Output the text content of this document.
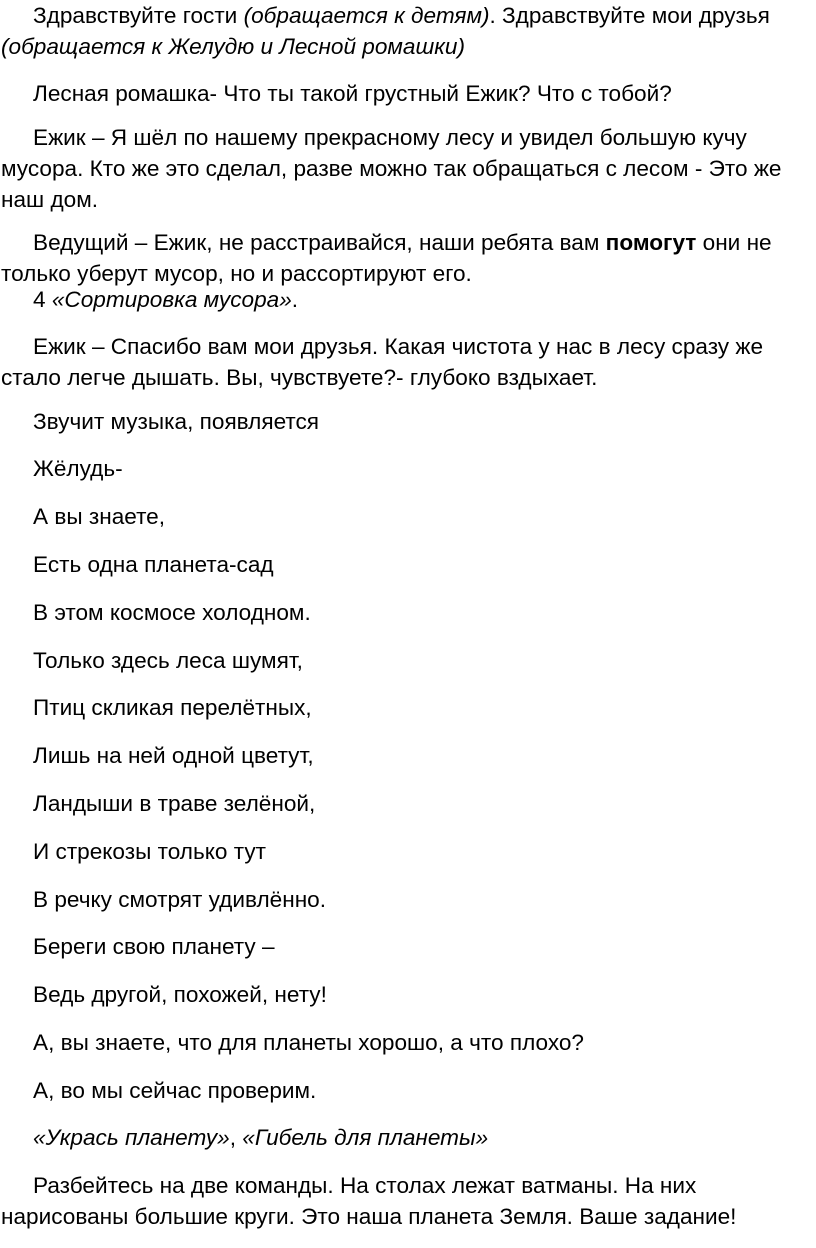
Здравствуйте гости (обращается к детям). Здравствуйте мои друзья (обращается к Желудю и Лесной ромашки)

Лесная ромашка- Что ты такой грустный Ежик? Что с тобой?

Ежик – Я шёл по нашему прекрасному лесу и увидел большую кучу мусора. Кто же это сделал, разве можно так обращаться с лесом - Это же наш дом.

Ведущий – Ежик, не расстраивайся, наши ребята вам помогут они не только уберут мусор, но и рассортируют его.

4 «Сортировка мусора».

Ежик – Спасибо вам мои друзья. Какая чистота у нас в лесу сразу же стало легче дышать. Вы, чувствуете?- глубоко вздыхает.

Звучит музыка, появляется

Жёлудь-

А вы знаете,

Есть одна планета-сад

В этом космосе холодном.

Только здесь леса шумят,

Птиц скликая перелётных,

Лишь на ней одной цветут,

Ландыши в траве зелёной,

И стрекозы только тут

В речку смотрят удивлённо.

Береги свою планету –

Ведь другой, похожей, нету!

А, вы знаете, что для планеты хорошо, а что плохо?

А, во мы сейчас проверим.

«Укрась планету», «Гибель для планеты»

Разбейтесь на две команды. На столах лежат ватманы. На них нарисованы большие круги. Это наша планета Земля. Ваше задание!
